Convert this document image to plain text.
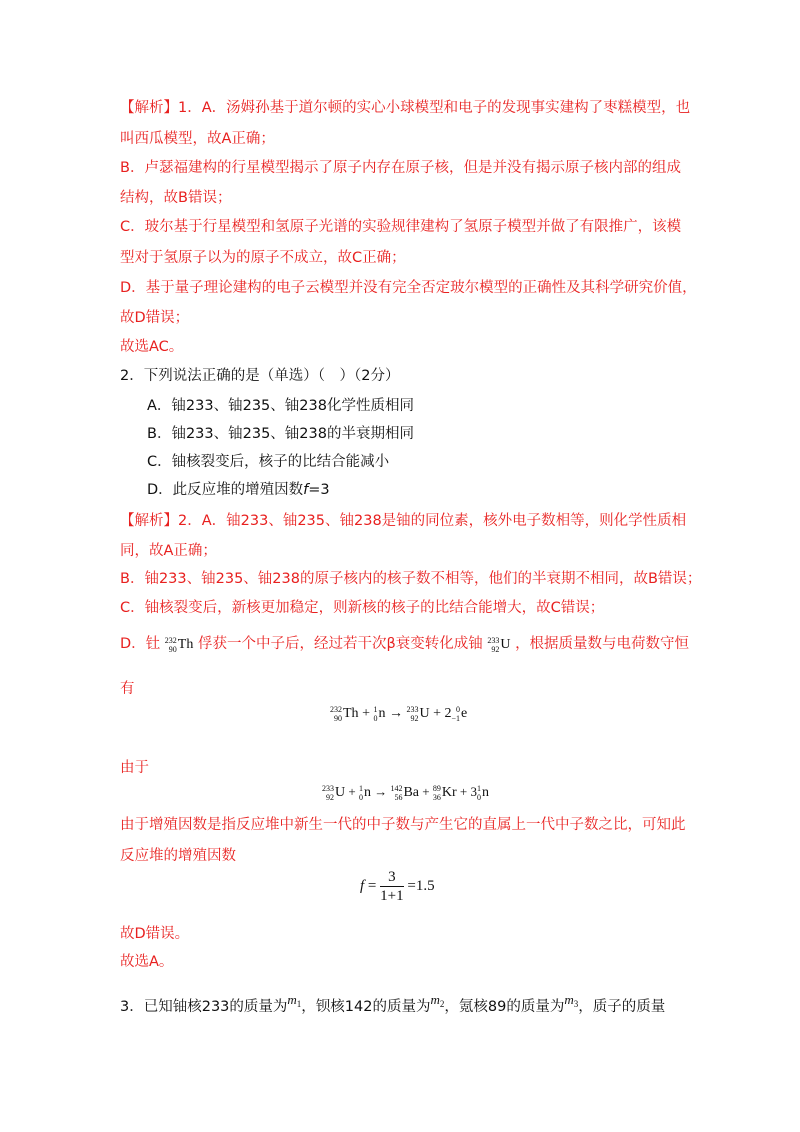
【解析】1．A．汤姆孙基于道尔顿的实心小球模型和电子的发现事实建构了枣糕模型，也
叫西瓜模型，故A正确；
B．卢瑟福建构的行星模型揭示了原子内存在原子核，但是并没有揭示原子核内部的组成
结构，故B错误；
C．玻尔基于行星模型和氢原子光谱的实验规律建构了氢原子模型并做了有限推广，该模
型对于氢原子以为的原子不成立，故C正确；
D．基于量子理论建构的电子云模型并没有完全否定玻尔模型的正确性及其科学研究价值，
故D错误；
故选AC。
2．下列说法正确的是（单选）（　）（2分）
A．铀233、铀235、铀238化学性质相同
B．铀233、铀235、铀238的半衰期相同
C．铀核裂变后，核子的比结合能减小
D．此反应堆的增殖因数f=3
【解析】2．A．铀233、铀235、铀238是铀的同位素，核外电子数相等，则化学性质相
同，故A正确；
B．铀233、铀235、铀238的原子核内的核子数不相等，他们的半衰期不相同，故B错误；
C．铀核裂变后，新核更加稳定，则新核的核子的比结合能增大，故C错误；
D．钍 232
90 Th 俘获一个中子后，经过若干次β衰变转化成铀 233
92 U ，根据质量数与电荷数守恒
有
232
90 Th + 1
0 n → 233
92 U + 2 0
−1 e
由于
233
92 U + 1
0 n → 142
56 Ba + 89
36 Kr + 3 1
0 n
由于增殖因数是指反应堆中新生一代的中子数与产生它的直属上一代中子数之比，可知此
反应堆的增殖因数
$f = \frac{3}{1+1} =1.5$
故D错误。
故选A。
3．已知铀核233的质量为$m_1$，钡核142的质量为$m_2$，氪核89的质量为$m_3$，质子的质量
